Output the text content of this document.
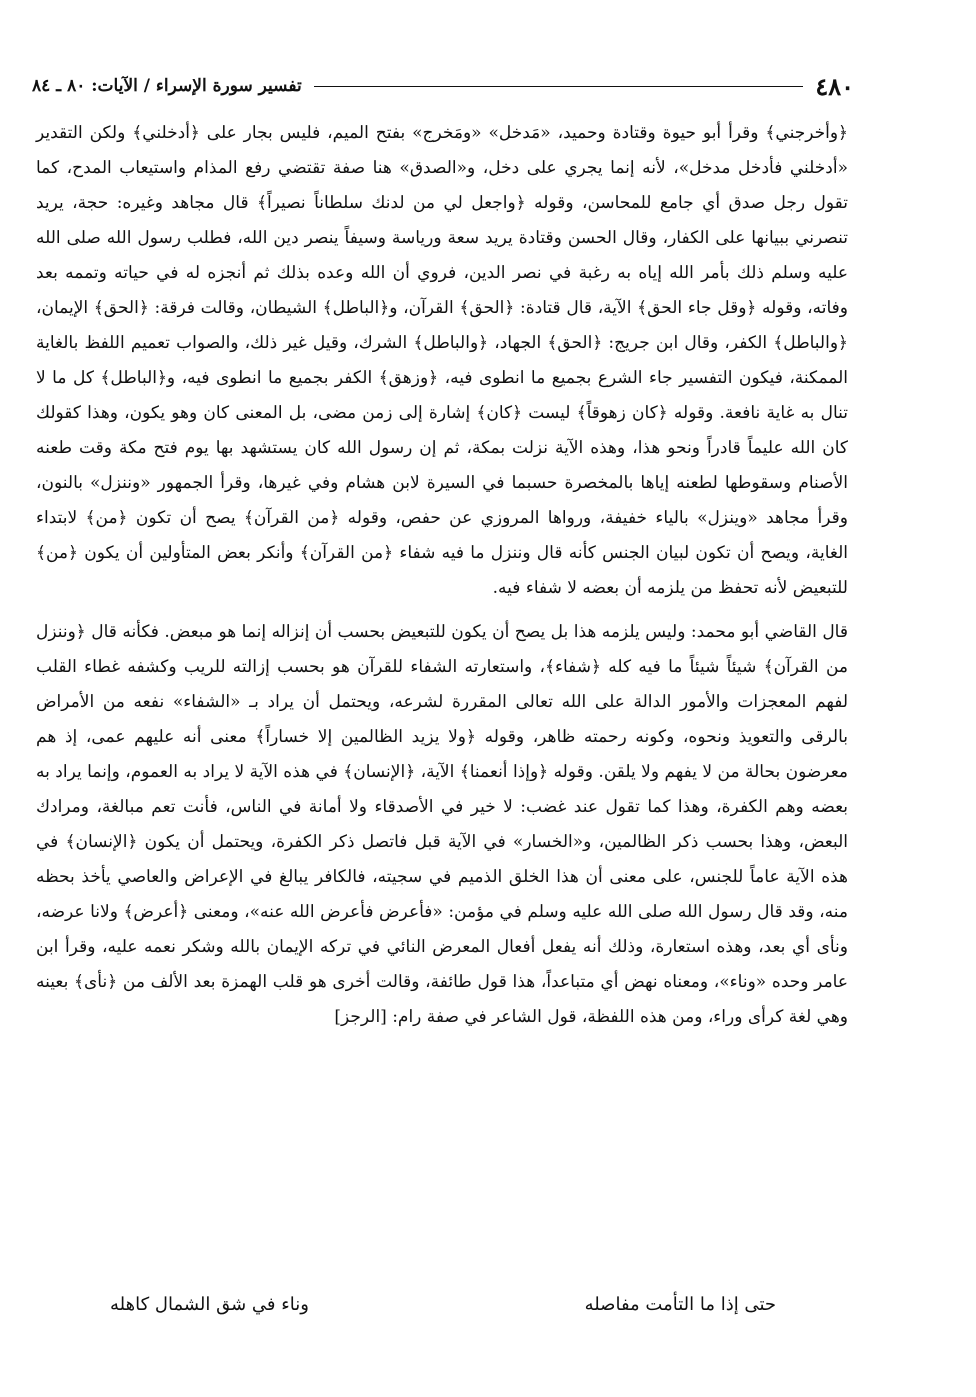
٤٨٠
تفسير سورة الإسراء / الآيات: ٨٠ ـ ٨٤

﴿وأخرجني﴾ وقرأ أبو حيوة وقتادة وحميد، «مَدخل» «ومَخرج» بفتح الميم، فليس بجار على ﴿أدخلني﴾ ولكن التقدير «أدخلني فأدخل مدخل»، لأنه إنما يجري على دخل، و«الصدق» هنا صفة تقتضي رفع المذام واستيعاب المدح، كما تقول رجل صدق أي جامع للمحاسن، وقوله ﴿واجعل لي من لدنك سلطاناً نصيراً﴾ قال مجاهد وغيره: حجة، يريد تنصرني ببيانها على الكفار، وقال الحسن وقتادة يريد سعة ورياسة وسيفاً ينصر دين الله، فطلب رسول الله صلى الله عليه وسلم ذلك بأمر الله إياه به رغبة في نصر الدين، فروي أن الله وعده بذلك ثم أنجزه له في حياته وتممه بعد وفاته، وقوله ﴿وقل جاء الحق﴾ الآية، قال قتادة: ﴿الحق﴾ القرآن، و﴿الباطل﴾ الشيطان، وقالت فرقة: ﴿الحق﴾ الإيمان، ﴿والباطل﴾ الكفر، وقال ابن جريج: ﴿الحق﴾ الجهاد، ﴿والباطل﴾ الشرك، وقيل غير ذلك، والصواب تعميم اللفظ بالغاية الممكنة، فيكون التفسير جاء الشرع بجميع ما انطوى فيه، ﴿وزهق﴾ الكفر بجميع ما انطوى فيه، و﴿الباطل﴾ كل ما لا تنال به غاية نافعة. وقوله ﴿كان زهوقاً﴾ ليست ﴿كان﴾ إشارة إلى زمن مضى، بل المعنى كان وهو يكون، وهذا كقولك كان الله عليماً قادراً ونحو هذا، وهذه الآية نزلت بمكة، ثم إن رسول الله كان يستشهد بها يوم فتح مكة وقت طعنه الأصنام وسقوطها لطعنه إياها بالمخصرة حسبما في السيرة لابن هشام وفي غيرها، وقرأ الجمهور «وننزل» بالنون، وقرأ مجاهد «وينزل» بالياء خفيفة، ورواها المروزي عن حفص، وقوله ﴿من القرآن﴾ يصح أن تكون ﴿من﴾ لابتداء الغاية، ويصح أن تكون لبيان الجنس كأنه قال وننزل ما فيه شفاء ﴿من القرآن﴾ وأنكر بعض المتأولين أن يكون ﴿من﴾ للتبعيض لأنه تحفظ من يلزمه أن بعضه لا شفاء فيه.

قال القاضي أبو محمد: وليس يلزمه هذا بل يصح أن يكون للتبعيض بحسب أن إنزاله إنما هو مبعض. فكأنه قال ﴿وننزل من القرآن﴾ شيئاً شيئاً ما فيه كله ﴿شفاء﴾، واستعارته الشفاء للقرآن هو بحسب إزالته للريب وكشفه غطاء القلب لفهم المعجزات والأمور الدالة على الله تعالى المقررة لشرعه، ويحتمل أن يراد بـ «الشفاء» نفعه من الأمراض بالرقى والتعويذ ونحوه، وكونه رحمته ظاهر، وقوله ﴿ولا يزيد الظالمين إلا خساراً﴾ معنى أنه عليهم عمى، إذ هم معرضون بحالة من لا يفهم ولا يلقن. وقوله ﴿وإذا أنعمنا﴾ الآية، ﴿الإنسان﴾ في هذه الآية لا يراد به العموم، وإنما يراد به بعضه وهم الكفرة، وهذا كما تقول عند غضب: لا خير في الأصدقاء ولا أمانة في الناس، فأنت تعم مبالغة، ومرادك البعض، وهذا بحسب ذكر الظالمين، و«الخسار» في الآية قبل فاتصل ذكر الكفرة، ويحتمل أن يكون ﴿الإنسان﴾ في هذه الآية عاماً للجنس، على معنى أن هذا الخلق الذميم في سجيته، فالكافر يبالغ في الإعراض والعاصي يأخذ بحظه منه، وقد قال رسول الله صلى الله عليه وسلم في مؤمن: «فأعرض فأعرض الله عنه»، ومعنى ﴿أعرض﴾ ولانا عرضه، ونأى أي بعد، وهذه استعارة، وذلك أنه يفعل أفعال المعرض النائي في تركه الإيمان بالله وشكر نعمه عليه، وقرأ ابن عامر وحده «وناء»، ومعناه نهض أي متباعداً، هذا قول طائفة، وقالت أخرى هو قلب الهمزة بعد الألف من ﴿نأى﴾ بعينه وهي لغة كرأى وراء، ومن هذه اللفظة، قول الشاعر في صفة رام: [الرجز]

حتى إذا ما التأمت مفاصله
وناء في شق الشمال كاهله
